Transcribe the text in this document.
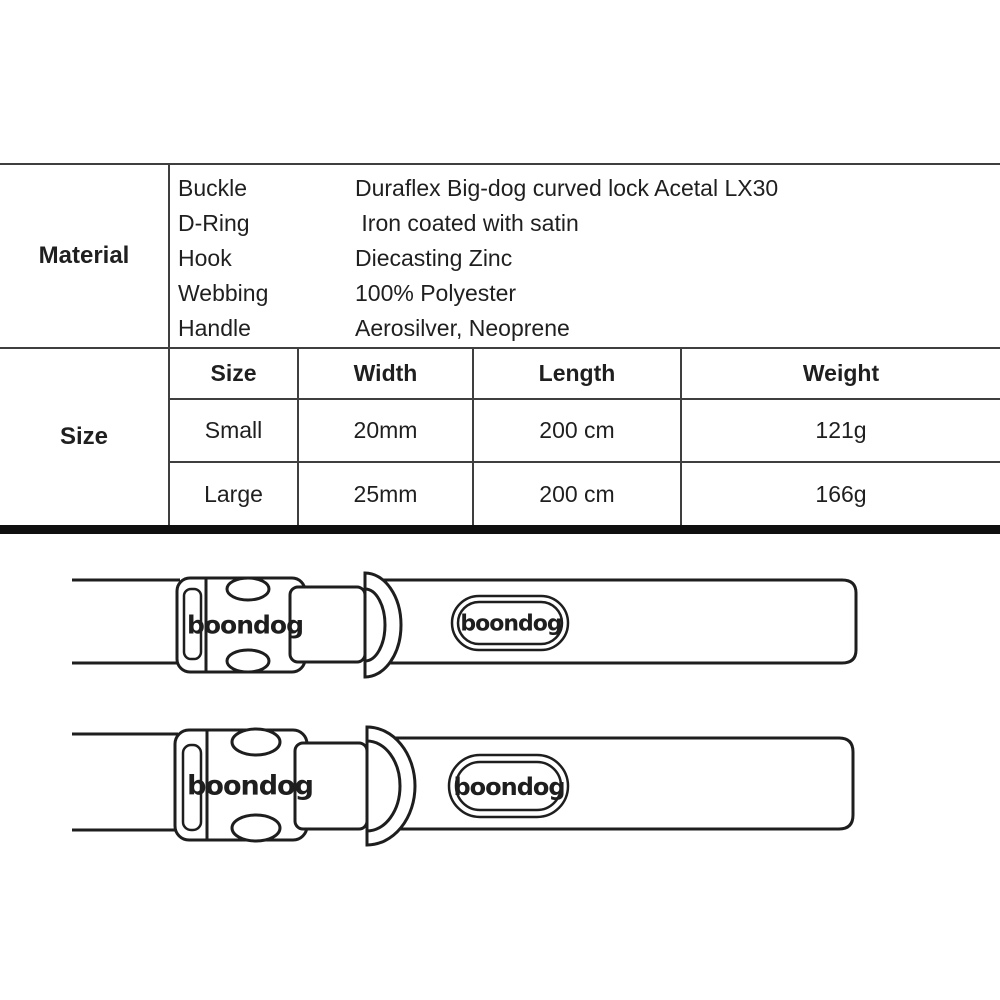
Material
Buckle	Duraflex Big-dog curved lock Acetal LX30
D-Ring	Iron coated with satin
Hook	Diecasting Zinc
Webbing	100% Polyester
Handle	Aerosilver, Neoprene
Size
Size	Width	Length	Weight
Small	20mm	200 cm	121g
Large	25mm	200 cm	166g
boondog	boondog
boondog	boondog
